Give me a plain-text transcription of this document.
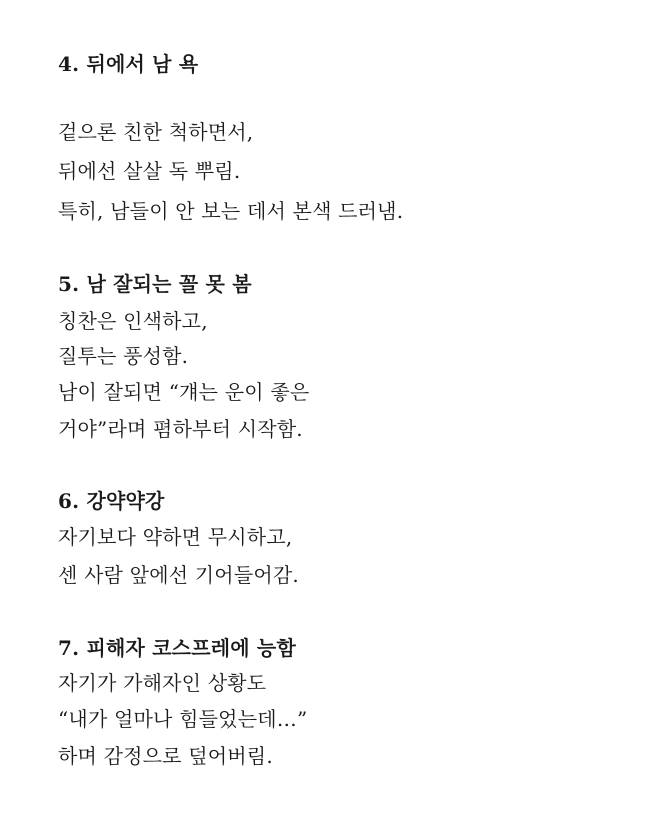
4. 뒤에서 남 욕
겉으론 친한 척하면서,
뒤에선 살살 독 뿌림.
특히, 남들이 안 보는 데서 본색 드러냄.
5. 남 잘되는 꼴 못 봄
칭찬은 인색하고,
질투는 풍성함.
남이 잘되면 “걔는 운이 좋은
거야”라며 폄하부터 시작함.
6. 강약약강
자기보다 약하면 무시하고,
센 사람 앞에선 기어들어감.
7. 피해자 코스프레에 능함
자기가 가해자인 상황도
“내가 얼마나 힘들었는데…”
하며 감정으로 덮어버림.
